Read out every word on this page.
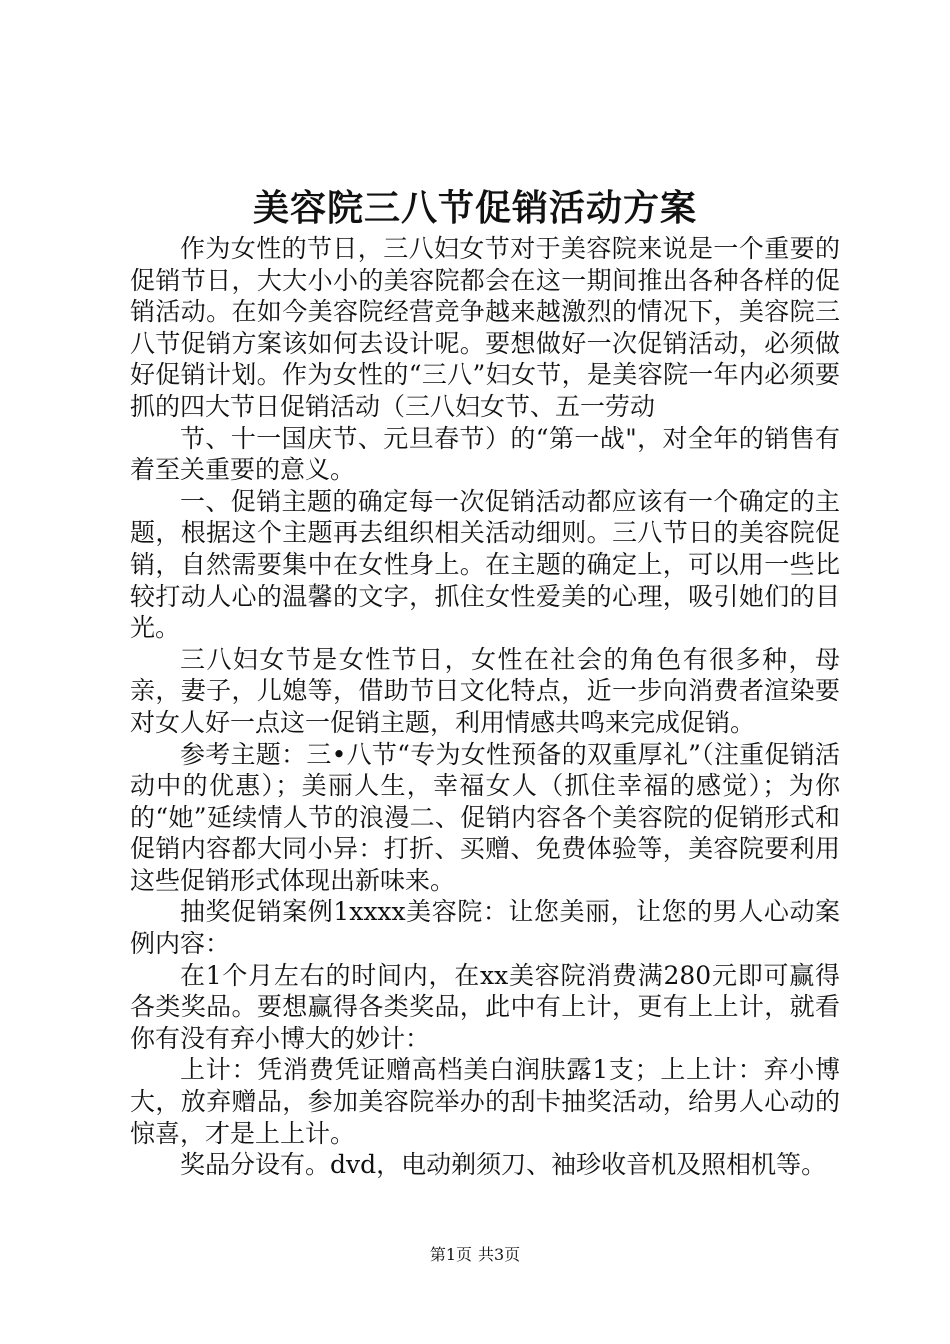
美容院三八节促销活动方案

作为女性的节日，三八妇女节对于美容院来说是一个重要的促销节日，大大小小的美容院都会在这一期间推出各种各样的促销活动。在如今美容院经营竞争越来越激烈的情况下，美容院三八节促销方案该如何去设计呢。要想做好一次促销活动，必须做好促销计划。作为女性的“三八”妇女节，是美容院一年内必须要抓的四大节日促销活动（三八妇女节、五一劳动

节、十一国庆节、元旦春节）的“第一战"，对全年的销售有着至关重要的意义。

一、促销主题的确定每一次促销活动都应该有一个确定的主题，根据这个主题再去组织相关活动细则。三八节日的美容院促销，自然需要集中在女性身上。在主题的确定上，可以用一些比较打动人心的温馨的文字，抓住女性爱美的心理，吸引她们的目光。

三八妇女节是女性节日，女性在社会的角色有很多种，母亲，妻子，儿媳等，借助节日文化特点，近一步向消费者渲染要对女人好一点这一促销主题，利用情感共鸣来完成促销。

参考主题：三•八节“专为女性预备的双重厚礼”（注重促销活动中的优惠）；美丽人生，幸福女人（抓住幸福的感觉）；为你的“她”延续情人节的浪漫二、促销内容各个美容院的促销形式和促销内容都大同小异：打折、买赠、免费体验等，美容院要利用这些促销形式体现出新味来。

抽奖促销案例1xxxx美容院：让您美丽，让您的男人心动案例内容：

在1个月左右的时间内，在xx美容院消费满280元即可赢得各类奖品。要想赢得各类奖品，此中有上计，更有上上计，就看你有没有弃小博大的妙计：

上计：凭消费凭证赠高档美白润肤露1支；上上计：弃小博大，放弃赠品，参加美容院举办的刮卡抽奖活动，给男人心动的惊喜，才是上上计。

奖品分设有。dvd，电动剃须刀、袖珍收音机及照相机等。

第1页 共3页
